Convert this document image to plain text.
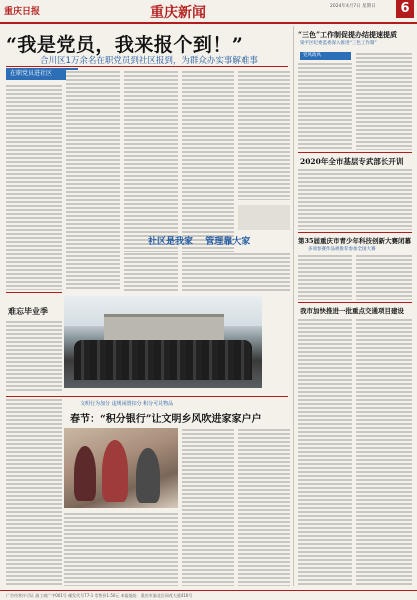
重庆日报	重庆新闻	2024年4月7日 星期日	6
“我是党员，我来报个到！”
合川区1万余名在职党员到社区报到，为群众办实事解难事
在职党员进社区
社区是我家 管理靠大家
难忘毕业季
文明行为加分 违规闲置扣分 积分可兑物品
春节：“积分银行”让文明乡风吹进家家户户
“三色”工作制促提办结提速提质
梁平区纪委监委深入推进“三色工作制”
党风政风
2020年全市基层专武部长开训
第35届重庆市青少年科技创新大赛闭幕
多项参赛作品被推荐参加全国大赛
我市加快推进一批重点交通项目建设
广告经营许可证 渝工商广字001号 邮发代号77-1 零售价1.50元 本报地址：重庆市渝北区同茂大道416号
